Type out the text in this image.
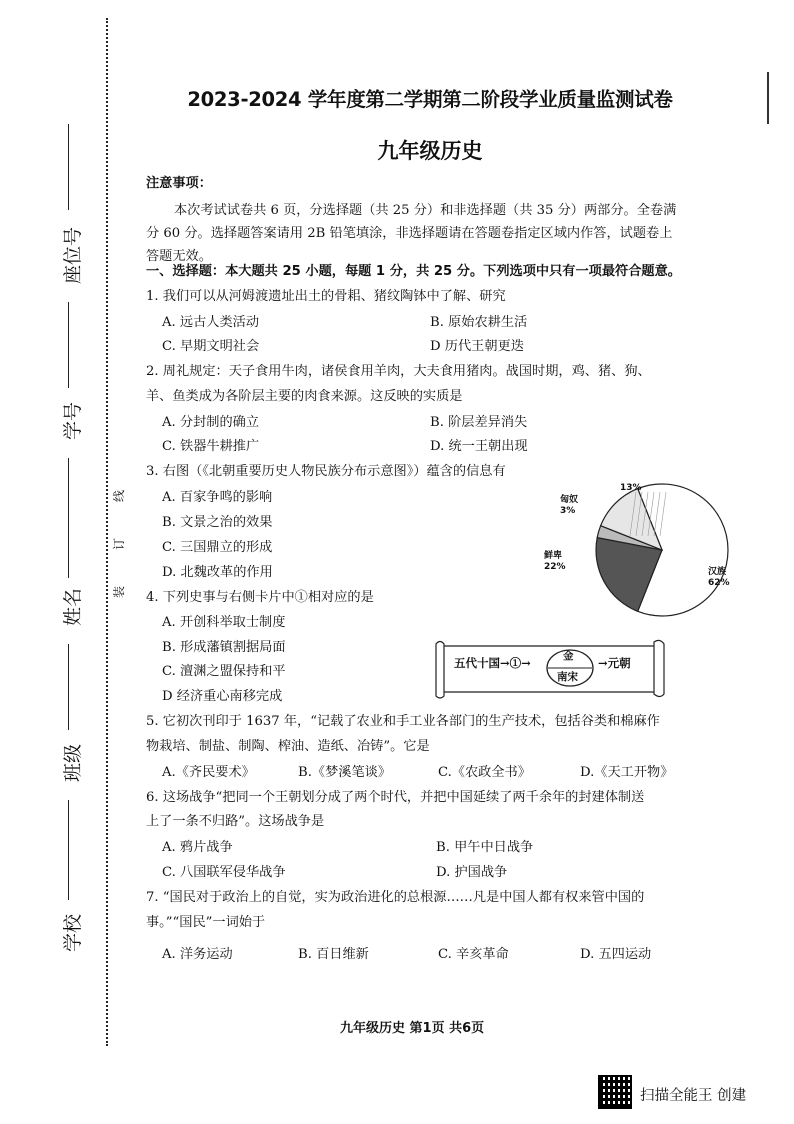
座位号
学号
姓名
班级
学校
线
订
装
2023-2024 学年度第二学期第二阶段学业质量监测试卷
九年级历史
注意事项：
本次考试试卷共 6 页，分选择题（共 25 分）和非选择题（共 35 分）两部分。全卷满
分 60 分。选择题答案请用 2B 铅笔填涂，非选择题请在答题卷指定区域内作答，试题卷上
答题无效。
一、选择题：本大题共 25 小题，每题 1 分，共 25 分。下列选项中只有一项最符合题意。
1. 我们可以从河姆渡遗址出土的骨耜、猪纹陶钵中了解、研究
A. 远古人类活动	B. 原始农耕生活
C. 早期文明社会	D 历代王朝更迭
2. 周礼规定：天子食用牛肉，诸侯食用羊肉，大夫食用猪肉。战国时期，鸡、猪、狗、
羊、鱼类成为各阶层主要的肉食来源。这反映的实质是
A. 分封制的确立	B. 阶层差异消失
C. 铁器牛耕推广	D. 统一王朝出现
3. 右图（《北朝重要历史人物民族分布示意图》）蕴含的信息有
A. 百家争鸣的影响
B. 文景之治的效果
C. 三国鼎立的形成
D. 北魏改革的作用	汉族
62%
鲜卑
22%
匈奴
3%
13%
4. 下列史事与右侧卡片中①相对应的是
A. 开创科举取士制度
B. 形成藩镇割据局面
C. 澶渊之盟保持和平
D 经济重心南移完成
五代十国→①→	金
南宋
→元朝
5. 它初次刊印于 1637 年，“记载了农业和手工业各部门的生产技术，包括谷类和棉麻作
物栽培、制盐、制陶、榨油、造纸、冶铸”。它是
A.《齐民要术》	B.《梦溪笔谈》	C.《农政全书》	D.《天工开物》
6. 这场战争“把同一个王朝划分成了两个时代，并把中国延续了两千余年的封建体制送
上了一条不归路”。这场战争是
A. 鸦片战争	B. 甲午中日战争
C. 八国联军侵华战争	D. 护国战争
7. “国民对于政治上的自觉，实为政治进化的总根源……凡是中国人都有权来管中国的
事。”“国民”一词始于
A. 洋务运动	B. 百日维新	C. 辛亥革命	D. 五四运动
九年级历史 第1页 共6页
扫描全能王 创建
